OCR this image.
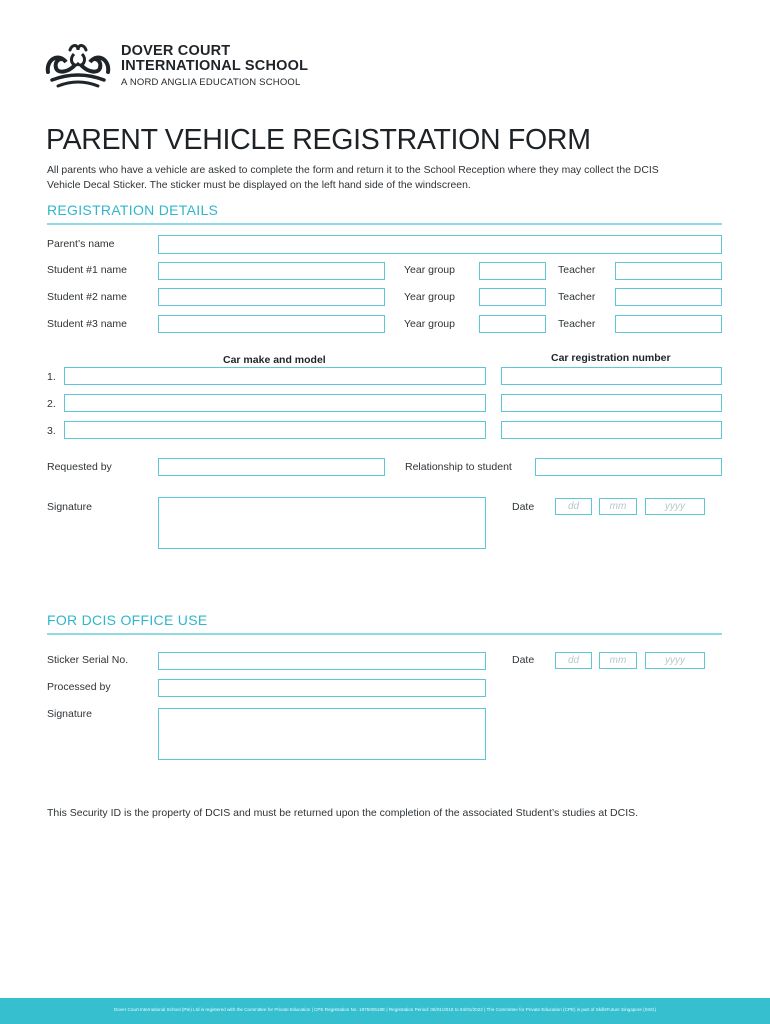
DOVER COURT
INTERNATIONAL SCHOOL
A NORD ANGLIA EDUCATION SCHOOL
PARENT VEHICLE REGISTRATION FORM
All parents who have a vehicle are asked to complete the form and return it to the School Reception where they may collect the DCIS
Vehicle Decal Sticker. The sticker must be displayed on the left hand side of the windscreen.
REGISTRATION DETAILS
Parent’s name
Student #1 name	Year group	Teacher
Student #2 name	Year group	Teacher
Student #3 name	Year group	Teacher
Car make and model	Car registration number
1.
2.
3.
Requested by	Relationship to student
Signature	Date	dd	mm	yyyy
FOR DCIS OFFICE USE
Sticker Serial No.	Date	dd	mm	yyyy
Processed by
Signature
This Security ID is the property of DCIS and must be returned upon the completion of the associated Student’s studies at DCIS.
Dover Court International School (Pte) Ltd is registered with the Committee for Private Education | CPE Registration No. 197500518E | Registration Period: 05/01/2018 to 04/01/2022 | The Committee for Private Education (CPE) is part of SkillsFuture Singapore (SSG)
